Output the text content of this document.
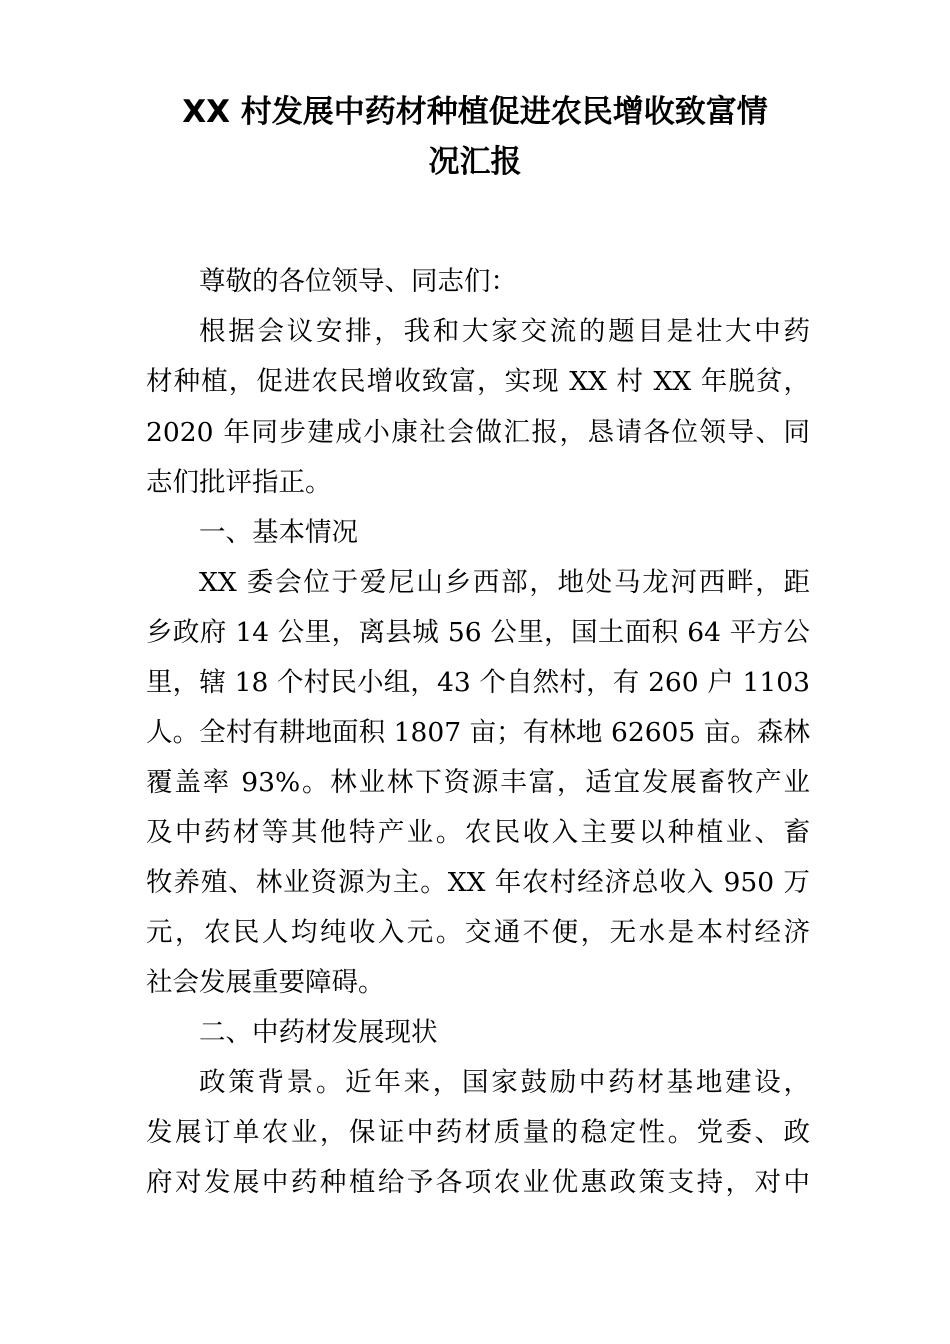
XX 村发展中药材种植促进农民增收致富情
况汇报
尊敬的各位领导、同志们：
根据会议安排，我和大家交流的题目是壮大中药
材种植，促进农民增收致富，实现 XX 村 XX 年脱贫，
2020 年同步建成小康社会做汇报，恳请各位领导、同
志们批评指正。
一、基本情况
XX 委会位于爱尼山乡西部，地处马龙河西畔，距
乡政府 14 公里，离县城 56 公里，国土面积 64 平方公
里，辖 18 个村民小组，43 个自然村，有 260 户 1103
人。全村有耕地面积 1807 亩；有林地 62605 亩。森林
覆盖率 93%。林业林下资源丰富，适宜发展畜牧产业
及中药材等其他特产业。农民收入主要以种植业、畜
牧养殖、林业资源为主。XX 年农村经济总收入 950 万
元，农民人均纯收入元。交通不便，无水是本村经济
社会发展重要障碍。
二、中药材发展现状
政策背景。近年来，国家鼓励中药材基地建设，
发展订单农业，保证中药材质量的稳定性。党委、政
府对发展中药种植给予各项农业优惠政策支持，对中
